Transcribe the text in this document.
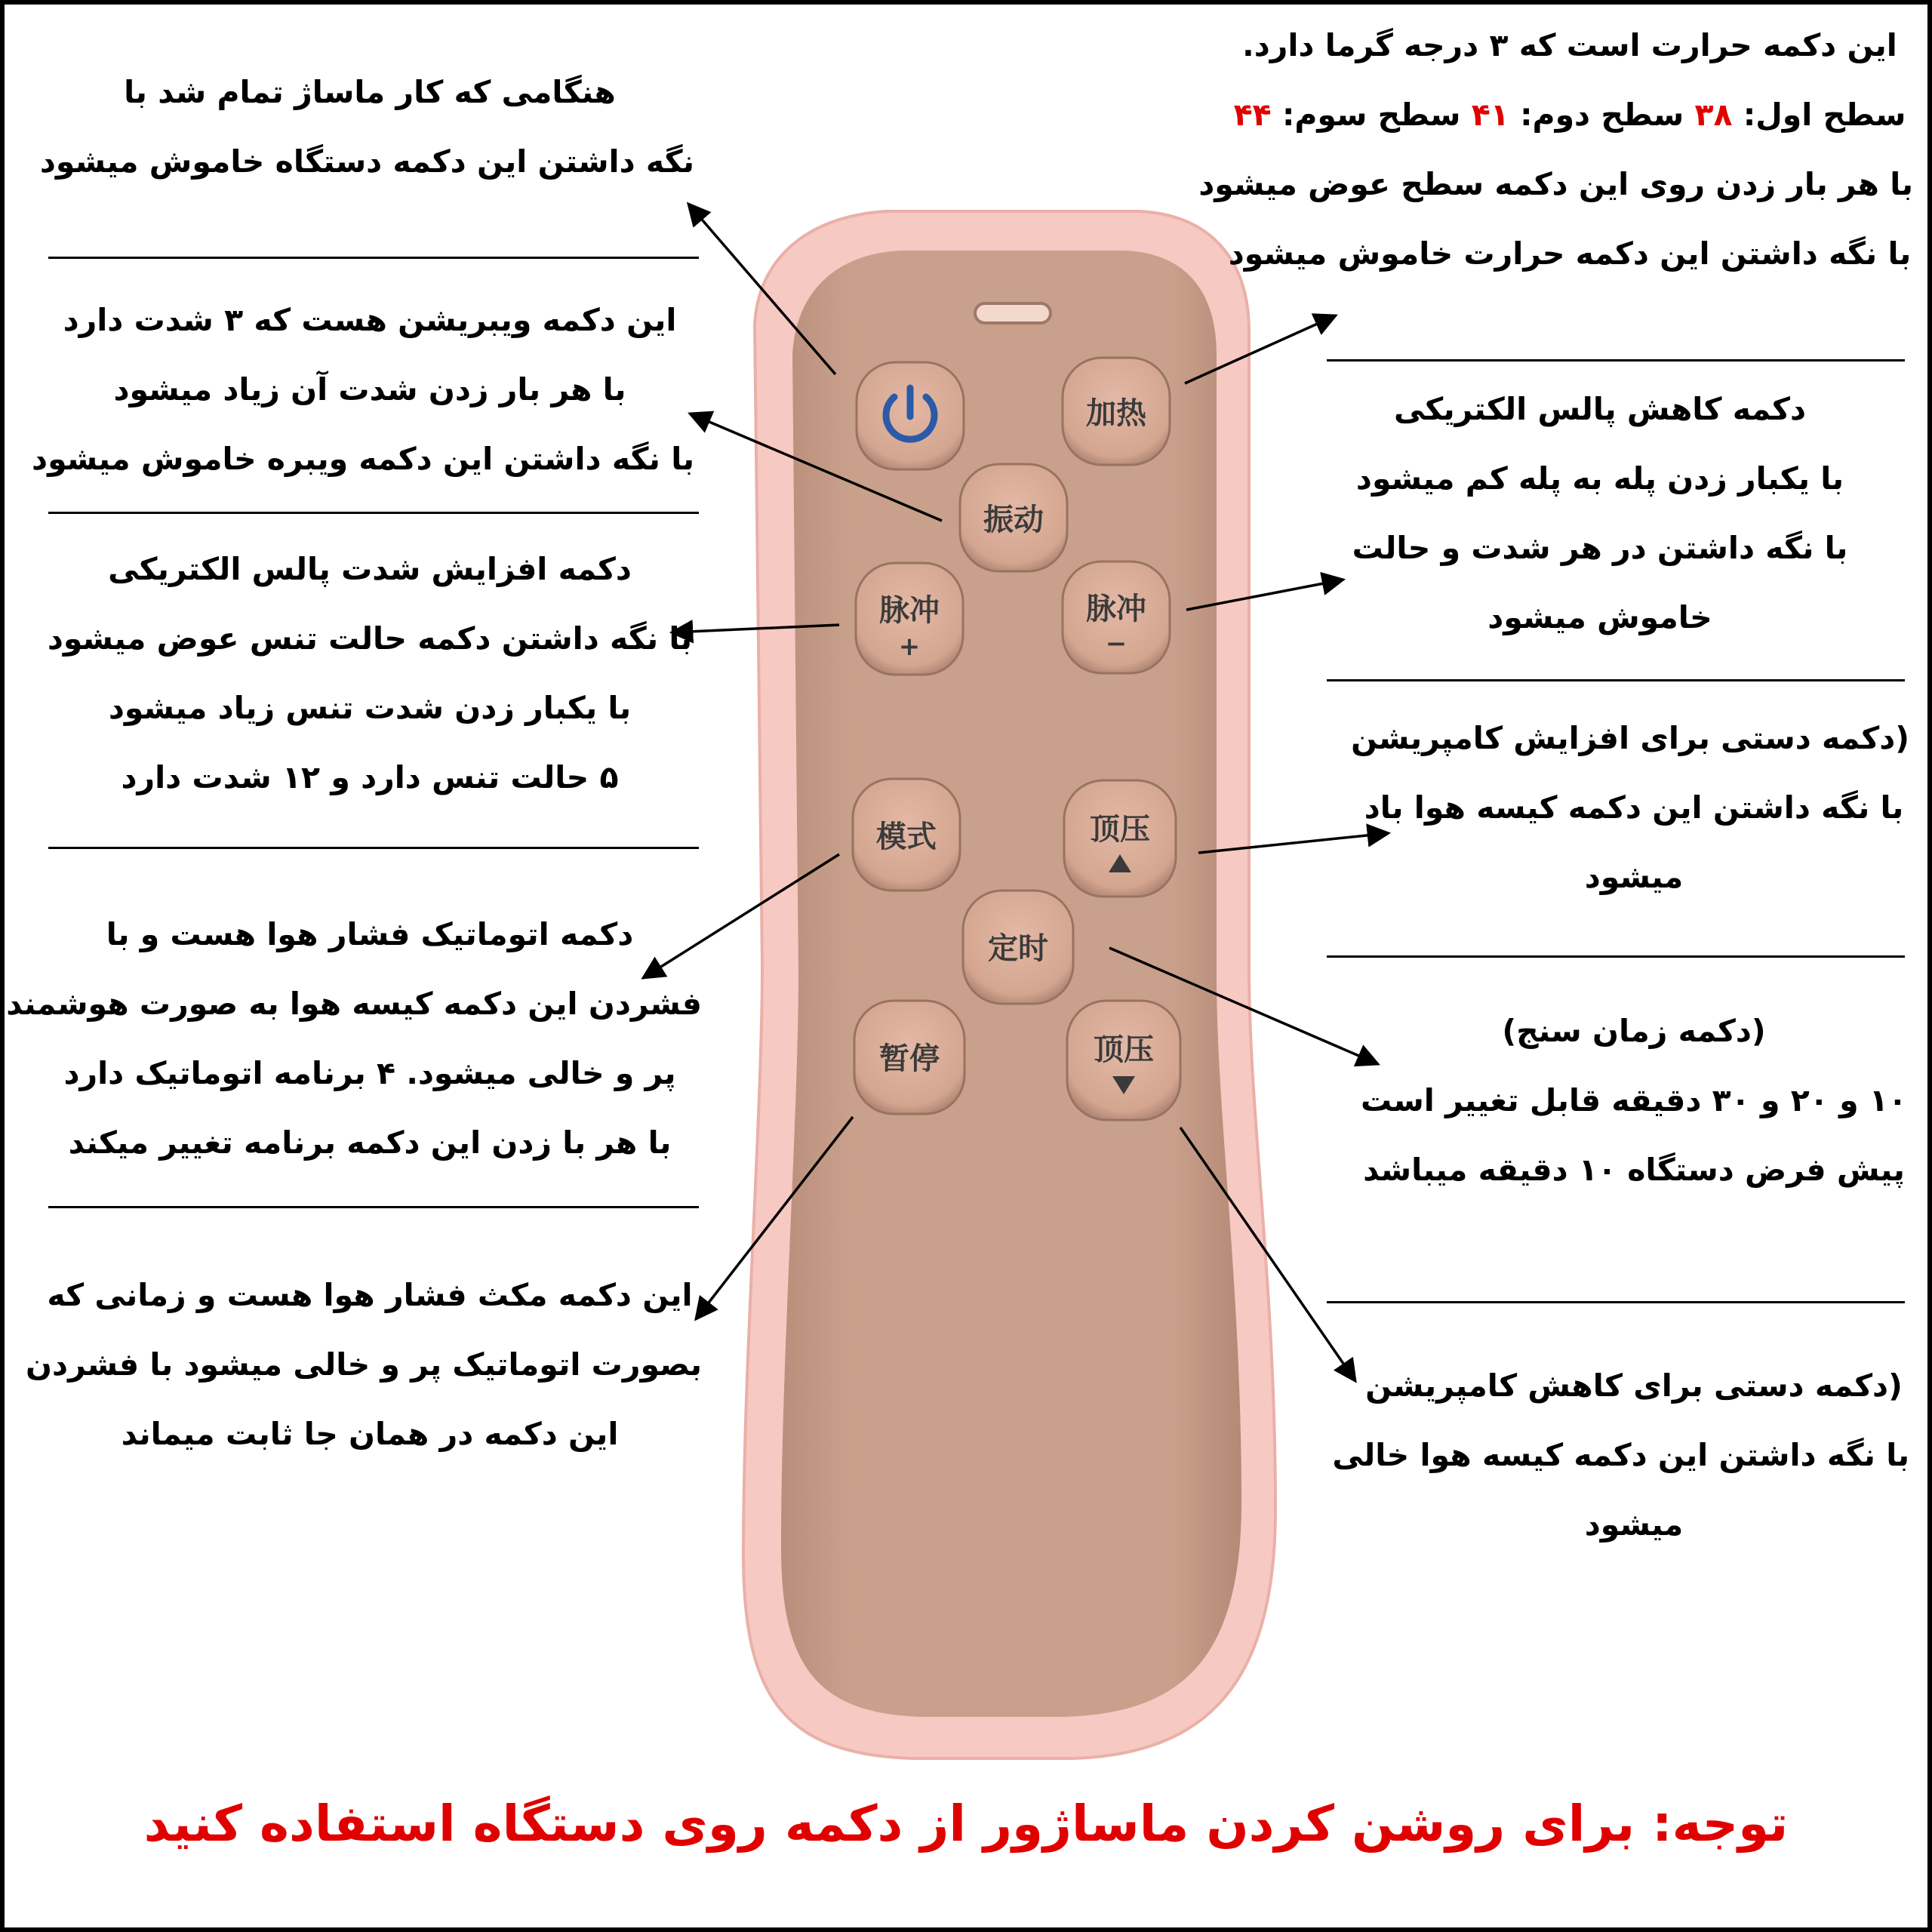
加热
振动
脉冲
+
脉冲
−
模式	顶压
定时
暂停	顶压
هنگامی که کار ماساژ تمام شد با
نگه داشتن این دکمه دستگاه خاموش میشود
این دکمه ویبریشن هست که ۳ شدت دارد
با هر بار زدن شدت آن زیاد میشود
با نگه داشتن این دکمه ویبره خاموش میشود
دکمه افزایش شدت پالس الکتریکی
با نگه داشتن دکمه حالت تنس عوض میشود
با یکبار زدن شدت تنس زیاد میشود
۵ حالت تنس دارد و ۱۲ شدت دارد
دکمه اتوماتیک فشار هوا هست و با
فشردن این دکمه کیسه هوا به صورت هوشمند
پر و خالی میشود. ۴ برنامه اتوماتیک دارد
با هر با زدن این دکمه برنامه تغییر میکند
این دکمه مکث فشار هوا هست و زمانی که
بصورت اتوماتیک پر و خالی میشود با فشردن
این دکمه در همان جا ثابت میماند
این دکمه حرارت است که ۳ درجه گرما دارد.
سطح اول: ۳۸ سطح دوم: ۴۱ سطح سوم: ۴۴
با هر بار زدن روی این دکمه سطح عوض میشود
با نگه داشتن این دکمه حرارت خاموش میشود
دکمه کاهش پالس الکتریکی
با یکبار زدن پله به پله کم میشود
با نگه داشتن در هر شدت و حالت
خاموش میشود
(دکمه دستی برای افزایش کامپریشن
با نگه داشتن این دکمه کیسه هوا باد
میشود
(دکمه زمان سنج)
۱۰ و ۲۰ و ۳۰ دقیقه قابل تغییر است
پیش فرض دستگاه ۱۰ دقیقه میباشد
(دکمه دستی برای کاهش کامپریشن
با نگه داشتن این دکمه کیسه هوا خالی
میشود
توجه: برای روشن کردن ماساژور از دکمه روی دستگاه استفاده کنید
